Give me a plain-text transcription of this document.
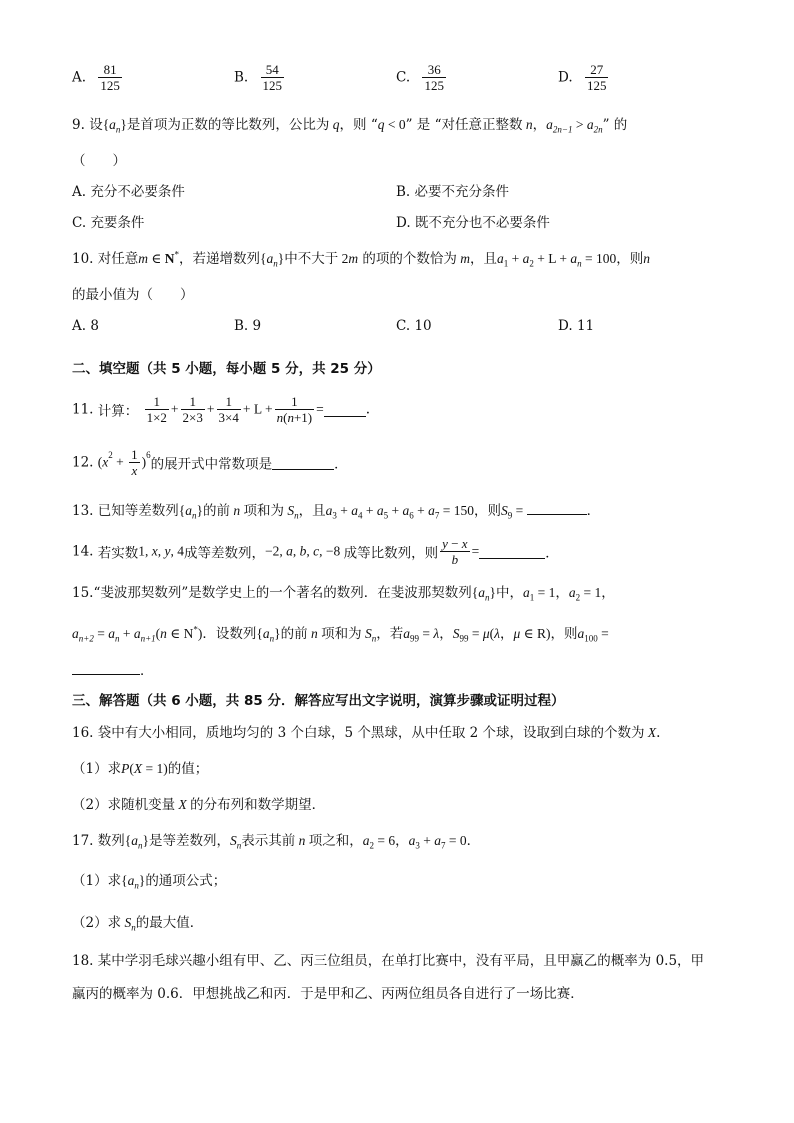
A. $\frac{81}{125}$	B. $\frac{54}{125}$	C. $\frac{36}{125}$	D. $\frac{27}{125}$
9. 设$\{a_n\}$是首项为正数的等比数列，公比为 q，则 “q < 0” 是 “对任意正整数 n，$a_{2n-1} > a_{2n}$” 的
（　　）
A. 充分不必要条件	B. 必要不充分条件
C. 充要条件	D. 既不充分也不必要条件
10. 对任意m ∈ N*，若递增数列$\{a_n\}$中不大于 2m 的项的个数恰为 m，且$a_1 + a_2 + L + a_n = 100$，则n
的最小值为（　　）
A. 8	B. 9	C. 10	D. 11
二、填空题（共 5 小题，每小题 5 分，共 25 分）
11. 计算： $\frac{1}{1\times 2} + \frac{1}{2\times 3} + \frac{1}{3\times 4} + L + \frac{1}{n(n+1)}$ =	.
12. $(x^2 + \frac{1}{x} )^6$的展开式中常数项是	．
13. 已知等差数列$\{a_n\}$的前 n 项和为 $S_n$，且$a_3 + a_4 + a_5 + a_6 + a_7 = 150$，则$S_9$ =	．
14. 若实数1, x, y, 4成等差数列，−2, a, b, c, −8 成等比数列，则 $\frac{y - x}{b}$ =	．
15.“斐波那契数列”是数学史上的一个著名的数列．在斐波那契数列$\{a_n\}$中，$a_1 = 1$，$a_2 = 1$，
$a_{n+2} = a_n + a_{n+1}(n$ ∈ N*)．设数列$\{a_n\}$的前 n 项和为 $S_n$，若$a_{99} = \lambda$，$S_{99} = \mu(\lambda$，μ ∈ R)，则$a_{100}$ =
．
三、解答题（共 6 小题，共 85 分．解答应写出文字说明，演算步骤或证明过程）
16. 袋中有大小相同，质地均匀的 3 个白球，5 个黑球，从中任取 2 个球，设取到白球的个数为 X.
（1）求P(X = 1)的值；
（2）求随机变量 X 的分布列和数学期望．
17. 数列$\{a_n\}$是等差数列，$S_n$表示其前 n 项之和，$a_2 = 6$，$a_3 + a_7 = 0$．
（1）求$\{a_n\}$的通项公式；
（2）求 $S_n$的最大值．
18. 某中学羽毛球兴趣小组有甲、乙、丙三位组员，在单打比赛中，没有平局，且甲赢乙的概率为 0.5，甲
赢丙的概率为 0.6．甲想挑战乙和丙．于是甲和乙、丙两位组员各自进行了一场比赛．
